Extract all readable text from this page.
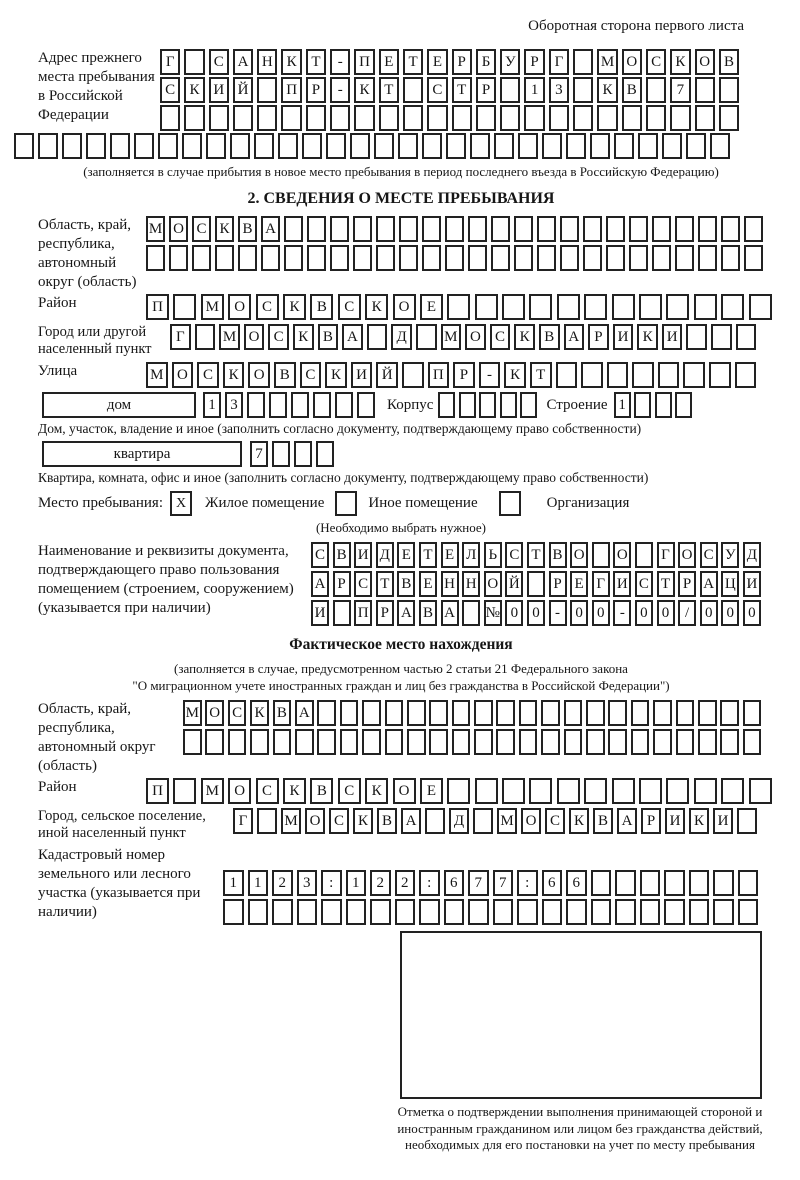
Оборотная сторона первого листа
Адрес прежнего места пребывания в Российской Федерации
Г	С А Н К Т	-	П Е	Т	Е	Р	Б У Р	Г	М О С К О В
С К И Й	П Р	-	К Т	С Т	Р	1	3	К В	7
(заполняется в случае прибытия в новое место пребывания в период последнего въезда в Российскую Федерацию)
2. СВЕДЕНИЯ О МЕСТЕ ПРЕБЫВАНИЯ
Область, край, республика, автономный округ (область)
М О С К В А
Район	П	М	О	С	К	В	С	К	О	Е
Город или другой населенный пункт
Г	М О С К В А	Д	М О С К В А	Р	И К И
Улица	М О	С	К	О	В	С	К	И Й	П	Р	-	К	Т
дом	1 3	Корпус	Строение 1
Дом, участок, владение и иное (заполнить согласно документу, подтверждающему право собственности)
квартира	7
Квартира, комната, офис и иное (заполнить согласно документу, подтверждающему право собственности)
Место пребывания: X	Жилое помещение	Иное помещение	Организация
(Необходимо выбрать нужное)
Наименование и реквизиты документа, подтверждающего право пользования помещением (строением, сооружением) (указывается при наличии)
С В И Д Е Т Е Л Ь С Т В О О	Г О С У Д
А Р С Т В Е Н Н О Й	Р Е Г И С Т Р А Ц И
И П Р А В А № 0 0	-	0 0	-	0 0	/	0 0 0
Фактическое место нахождения
(заполняется в случае, предусмотренном частью 2 статьи 21 Федерального закона
"О миграционном учете иностранных граждан и лиц без гражданства в Российской Федерации")
Область, край, республика, автономный округ (область)
М О С К В А
Район	П	М	О	С	К	В	С	К	О	Е
Город, сельское поселение, иной населенный пункт
Г	М О С К В А	Д	М О С К В А Р И К И
Кадастровый номер земельного или лесного участка (указывается при наличии)
1	1	2	3	:	1	2	2	:	6	7	7	:	6	6
Отметка о подтверждении выполнения принимающей стороной и иностранным гражданином или лицом без гражданства действий, необходимых для его постановки на учет по месту пребывания
